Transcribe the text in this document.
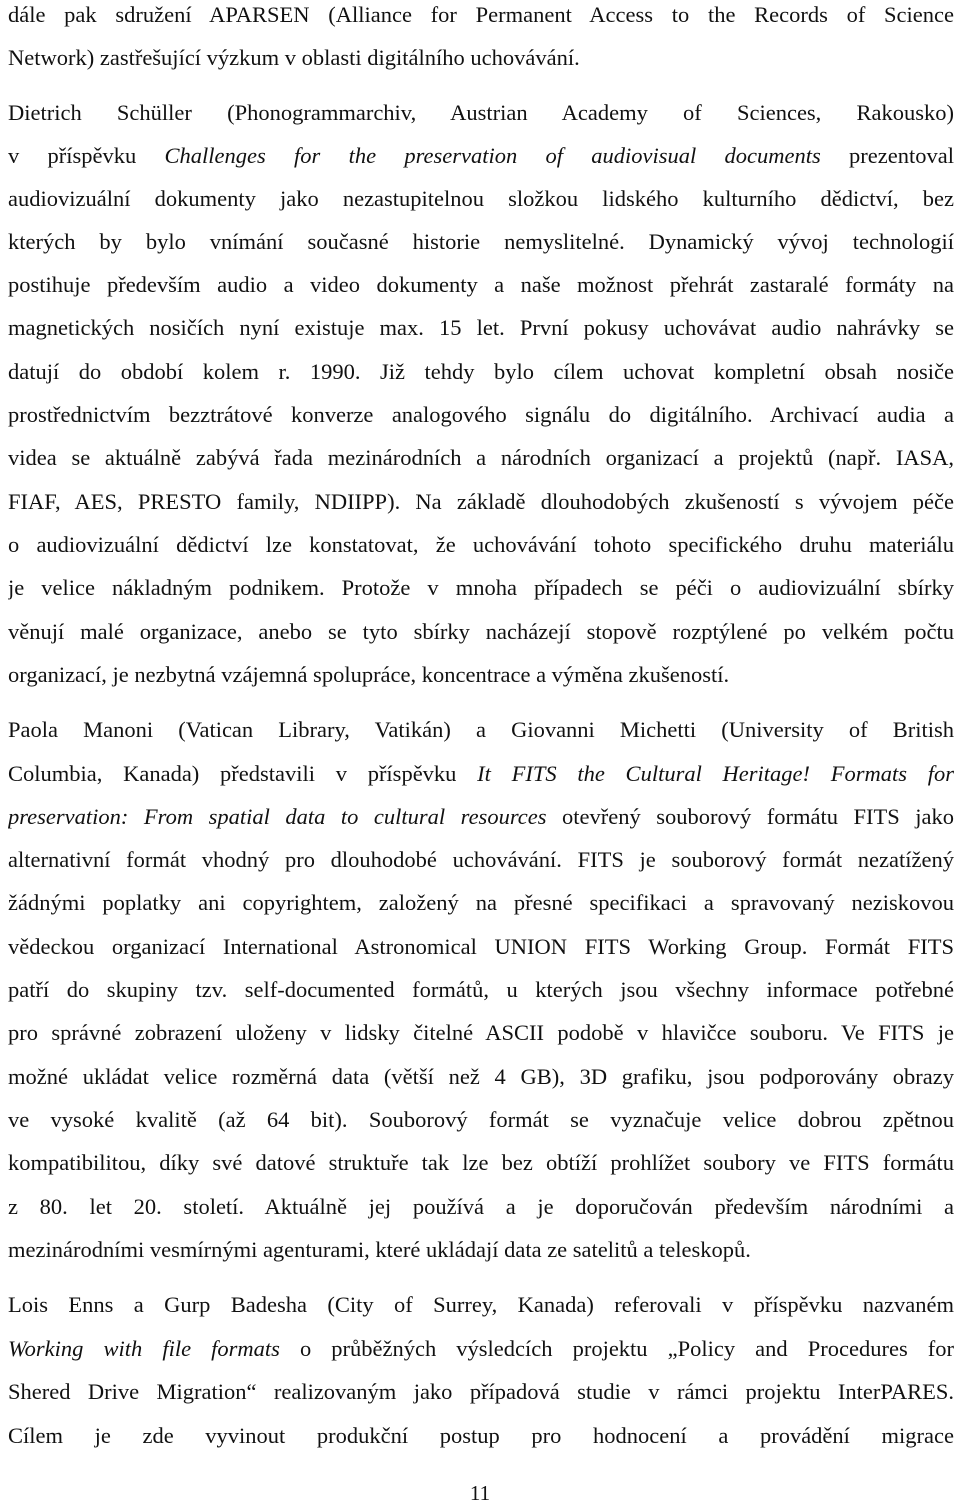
11
dále pak sdružení APARSEN (Alliance for Permanent Access to the Records of Science
Network) zastřešující výzkum v oblasti digitálního uchovávání.
Dietrich Schüller (Phonogrammarchiv, Austrian Academy of Sciences, Rakousko)
v příspěvku Challenges for the preservation of audiovisual documents prezentoval
audiovizuální dokumenty jako nezastupitelnou složkou lidského kulturního dědictví, bez
kterých by bylo vnímání současné historie nemyslitelné. Dynamický vývoj technologií
postihuje především audio a video dokumenty a naše možnost přehrát zastaralé formáty na
magnetických nosičích nyní existuje max. 15 let. První pokusy uchovávat audio nahrávky se
datují do období kolem r. 1990. Již tehdy bylo cílem uchovat kompletní obsah nosiče
prostřednictvím bezztrátové konverze analogového signálu do digitálního. Archivací audia a
videa se aktuálně zabývá řada mezinárodních a národních organizací a projektů (např. IASA,
FIAF, AES, PRESTO family, NDIIPP). Na základě dlouhodobých zkušeností s vývojem péče
o audiovizuální dědictví lze konstatovat, že uchovávání tohoto specifického druhu materiálu
je velice nákladným podnikem. Protože v mnoha případech se péči o audiovizuální sbírky
věnují malé organizace, anebo se tyto sbírky nacházejí stopově rozptýlené po velkém počtu
organizací, je nezbytná vzájemná spolupráce, koncentrace a výměna zkušeností.
Paola Manoni (Vatican Library, Vatikán) a Giovanni Michetti (University of British
Columbia, Kanada) představili v příspěvku It FITS the Cultural Heritage! Formats for
preservation: From spatial data to cultural resources otevřený souborový formátu FITS jako
alternativní formát vhodný pro dlouhodobé uchovávání. FITS je souborový formát nezatížený
žádnými poplatky ani copyrightem, založený na přesné specifikaci a spravovaný neziskovou
vědeckou organizací International Astronomical UNION FITS Working Group. Formát FITS
patří do skupiny tzv. self-documented formátů, u kterých jsou všechny informace potřebné
pro správné zobrazení uloženy v lidsky čitelné ASCII podobě v hlavičce souboru. Ve FITS je
možné ukládat velice rozměrná data (větší než 4 GB), 3D grafiku, jsou podporovány obrazy
ve vysoké kvalitě (až 64 bit). Souborový formát se vyznačuje velice dobrou zpětnou
kompatibilitou, díky své datové struktuře tak lze bez obtíží prohlížet soubory ve FITS formátu
z 80. let 20. století. Aktuálně jej používá a je doporučován především národními a
mezinárodními vesmírnými agenturami, které ukládají data ze satelitů a teleskopů.
Lois Enns a Gurp Badesha (City of Surrey, Kanada) referovali v příspěvku nazvaném
Working with file formats o průběžných výsledcích projektu „Policy and Procedures for
Shered Drive Migration“ realizovaným jako případová studie v rámci projektu InterPARES.
Cílem je zde vyvinout produkční postup pro hodnocení a provádění migrace
